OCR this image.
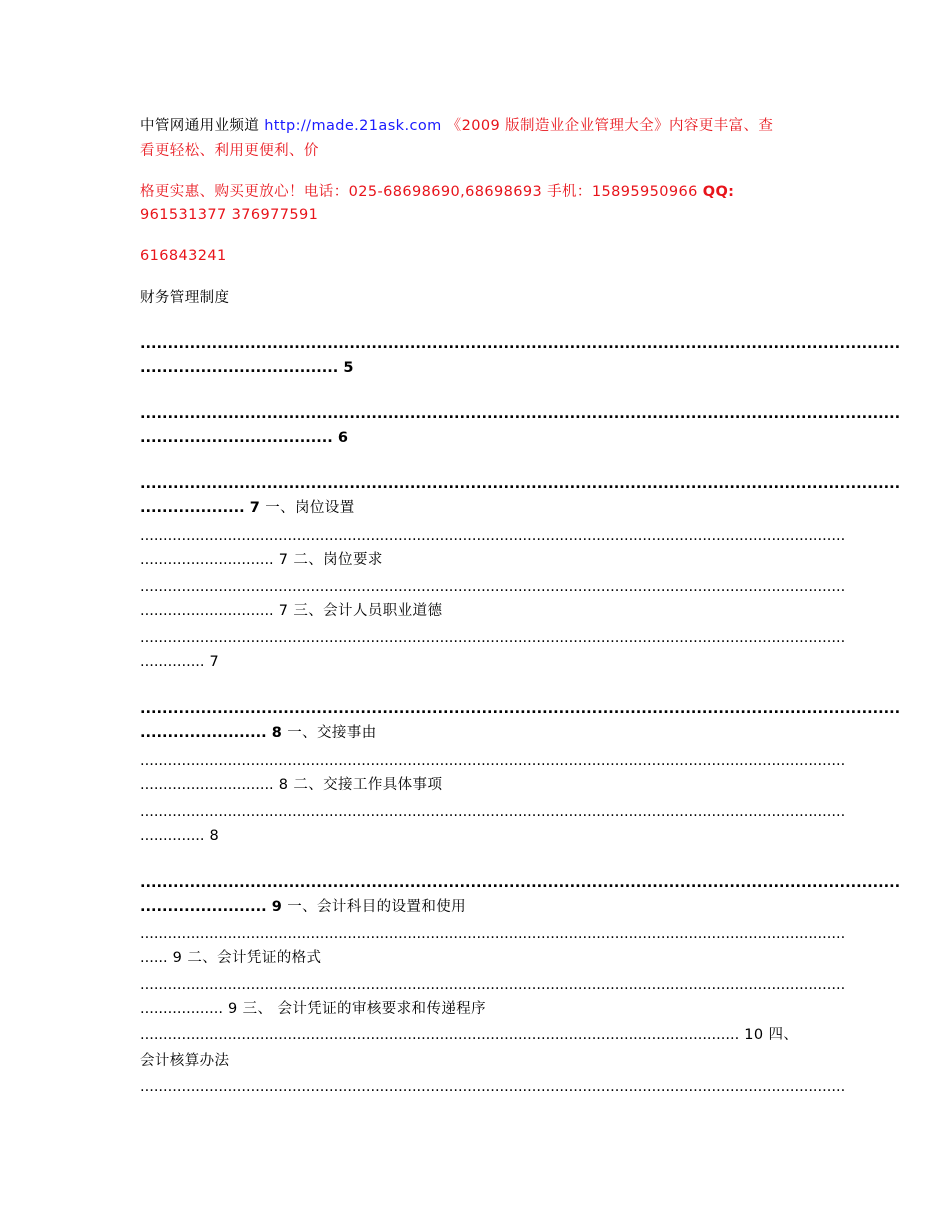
中管网通用业频道 http://made.21ask.com 《2009 版制造业企业管理大全》内容更丰富、查
看更轻松、利用更便利、价
格更实惠、购买更放心！电话：025-68698690,68698693 手机：15895950966 QQ:
961531377 376977591
616843241
财务管理制度
..........................................................................................................................................
.................................... 5
..........................................................................................................................................
................................... 6
..........................................................................................................................................
................... 7 一、岗位设置
.........................................................................................................................................................
............................. 7 二、岗位要求
.........................................................................................................................................................
............................. 7 三、会计人员职业道德
.........................................................................................................................................................
.............. 7
..........................................................................................................................................
....................... 8 一、交接事由
.........................................................................................................................................................
............................. 8 二、交接工作具体事项
.........................................................................................................................................................
.............. 8
..........................................................................................................................................
....................... 9 一、会计科目的设置和使用
.........................................................................................................................................................
...... 9 二、会计凭证的格式
.........................................................................................................................................................
.................. 9 三、 会计凭证的审核要求和传递程序
.................................................................................................................................. 10 四、
会计核算办法
.........................................................................................................................................................
